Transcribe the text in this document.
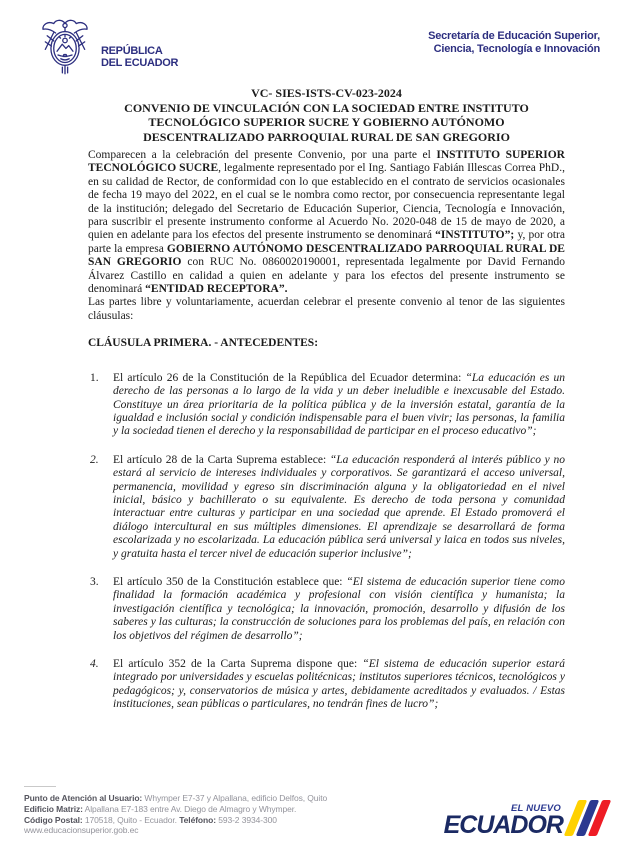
REPÚBLICA
DEL ECUADOR
Secretaría de Educación Superior,
Ciencia, Tecnología e Innovación
VC- SIES-ISTS-CV-023-2024
CONVENIO DE VINCULACIÓN CON LA SOCIEDAD ENTRE INSTITUTO
TECNOLÓGICO SUPERIOR SUCRE Y GOBIERNO AUTÓNOMO
DESCENTRALIZADO PARROQUIAL RURAL DE SAN GREGORIO

Comparecen a la celebración del presente Convenio, por una parte el INSTITUTO SUPERIOR TECNOLÓGICO SUCRE, legalmente representado por el Ing. Santiago Fabián Illescas Correa PhD., en su calidad de Rector, de conformidad con lo que establecido en el contrato de servicios ocasionales de fecha 19 mayo del 2022, en el cual se le nombra como rector, por consecuencia representante legal de la institución; delegado del Secretario de Educación Superior, Ciencia, Tecnología e Innovación, para suscribir el presente instrumento conforme al Acuerdo No. 2020-048 de 15 de mayo de 2020, a quien en adelante para los efectos del presente instrumento se denominará “INSTITUTO”; y, por otra parte la empresa GOBIERNO AUTÓNOMO DESCENTRALIZADO PARROQUIAL RURAL DE SAN GREGORIO con RUC No. 0860020190001, representada legalmente por David Fernando Álvarez Castillo en calidad a quien en adelante y para los efectos del presente instrumento se denominará “ENTIDAD RECEPTORA”.

Las partes libre y voluntariamente, acuerdan celebrar el presente convenio al tenor de las siguientes cláusulas:

CLÁUSULA PRIMERA. - ANTECEDENTES:
1. El artículo 26 de la Constitución de la República del Ecuador determina: “La educación es un derecho de las personas a lo largo de la vida y un deber ineludible e inexcusable del Estado. Constituye un área prioritaria de la política pública y de la inversión estatal, garantía de la igualdad e inclusión social y condición indispensable para el buen vivir; las personas, la familia y la sociedad tienen el derecho y la responsabilidad de participar en el proceso educativo”;
2. El artículo 28 de la Carta Suprema establece: “La educación responderá al interés público y no estará al servicio de intereses individuales y corporativos. Se garantizará el acceso universal, permanencia, movilidad y egreso sin discriminación alguna y la obligatoriedad en el nivel inicial, básico y bachillerato o su equivalente. Es derecho de toda persona y comunidad interactuar entre culturas y participar en una sociedad que aprende. El Estado promoverá el diálogo intercultural en sus múltiples dimensiones. El aprendizaje se desarrollará de forma escolarizada y no escolarizada. La educación pública será universal y laica en todos sus niveles, y gratuita hasta el tercer nivel de educación superior inclusive”;
3. El artículo 350 de la Constitución establece que: “El sistema de educación superior tiene como finalidad la formación académica y profesional con visión científica y humanista; la investigación científica y tecnológica; la innovación, promoción, desarrollo y difusión de los saberes y las culturas; la construcción de soluciones para los problemas del país, en relación con los objetivos del régimen de desarrollo”;
4. El artículo 352 de la Carta Suprema dispone que: “El sistema de educación superior estará integrado por universidades y escuelas politécnicas; institutos superiores técnicos, tecnológicos y pedagógicos; y, conservatorios de música y artes, debidamente acreditados y evaluados. / Estas instituciones, sean públicas o particulares, no tendrán fines de lucro”;
Punto de Atención al Usuario: Whymper E7-37 y Alpallana, edificio Delfos, Quito
Edificio Matriz: Alpallana E7-183 entre Av. Diego de Almagro y Whymper.
Código Postal: 170518, Quito - Ecuador. Teléfono: 593-2 3934-300
www.educacionsuperior.gob.ec
EL NUEVO
ECUADOR
